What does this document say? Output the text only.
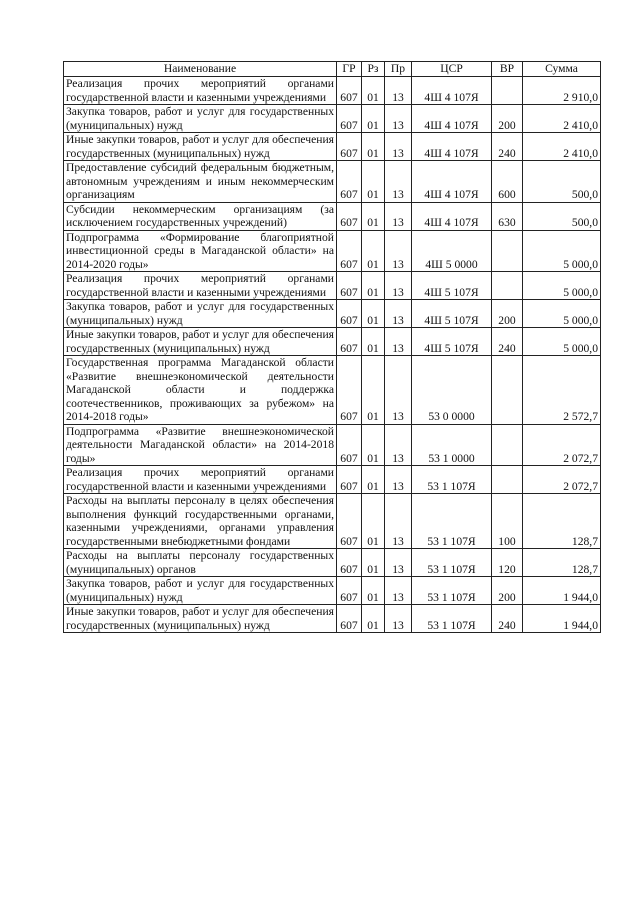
Наименование	ГР	Рз	Пр	ЦСР	ВР	Сумма
Реализация прочих мероприятий органами государственной власти и казенными учреждениями	607	01	13	4Ш 4 107Я		2 910,0
Закупка товаров, работ и услуг для государственных (муниципальных) нужд	607	01	13	4Ш 4 107Я	200	2 410,0
Иные закупки товаров, работ и услуг для обеспечения государственных (муниципальных) нужд	607	01	13	4Ш 4 107Я	240	2 410,0
Предоставление субсидий федеральным бюджетным, автономным учреждениям и иным некоммерческим организациям	607	01	13	4Ш 4 107Я	600	500,0
Субсидии некоммерческим организациям (за исключением государственных учреждений)	607	01	13	4Ш 4 107Я	630	500,0
Подпрограмма «Формирование благоприятной инвестиционной среды в Магаданской области» на 2014-2020 годы»	607	01	13	4Ш 5 0000		5 000,0
Реализация прочих мероприятий органами государственной власти и казенными учреждениями	607	01	13	4Ш 5 107Я		5 000,0
Закупка товаров, работ и услуг для государственных (муниципальных) нужд	607	01	13	4Ш 5 107Я	200	5 000,0
Иные закупки товаров, работ и услуг для обеспечения государственных (муниципальных) нужд	607	01	13	4Ш 5 107Я	240	5 000,0
Государственная программа Магаданской области «Развитие внешнеэкономической деятельности Магаданской области и поддержка соотечественников, проживающих за рубежом» на 2014-2018 годы»	607	01	13	53 0 0000		2 572,7
Подпрограмма «Развитие внешнеэкономической деятельности Магаданской области» на 2014-2018 годы»	607	01	13	53 1 0000		2 072,7
Реализация прочих мероприятий органами государственной власти и казенными учреждениями	607	01	13	53 1 107Я		2 072,7
Расходы на выплаты персоналу в целях обеспечения выполнения функций государственными органами, казенными учреждениями, органами управления государственными внебюджетными фондами	607	01	13	53 1 107Я	100	128,7
Расходы на выплаты персоналу государственных (муниципальных) органов	607	01	13	53 1 107Я	120	128,7
Закупка товаров, работ и услуг для государственных (муниципальных) нужд	607	01	13	53 1 107Я	200	1 944,0
Иные закупки товаров, работ и услуг для обеспечения государственных (муниципальных) нужд	607	01	13	53 1 107Я	240	1 944,0
